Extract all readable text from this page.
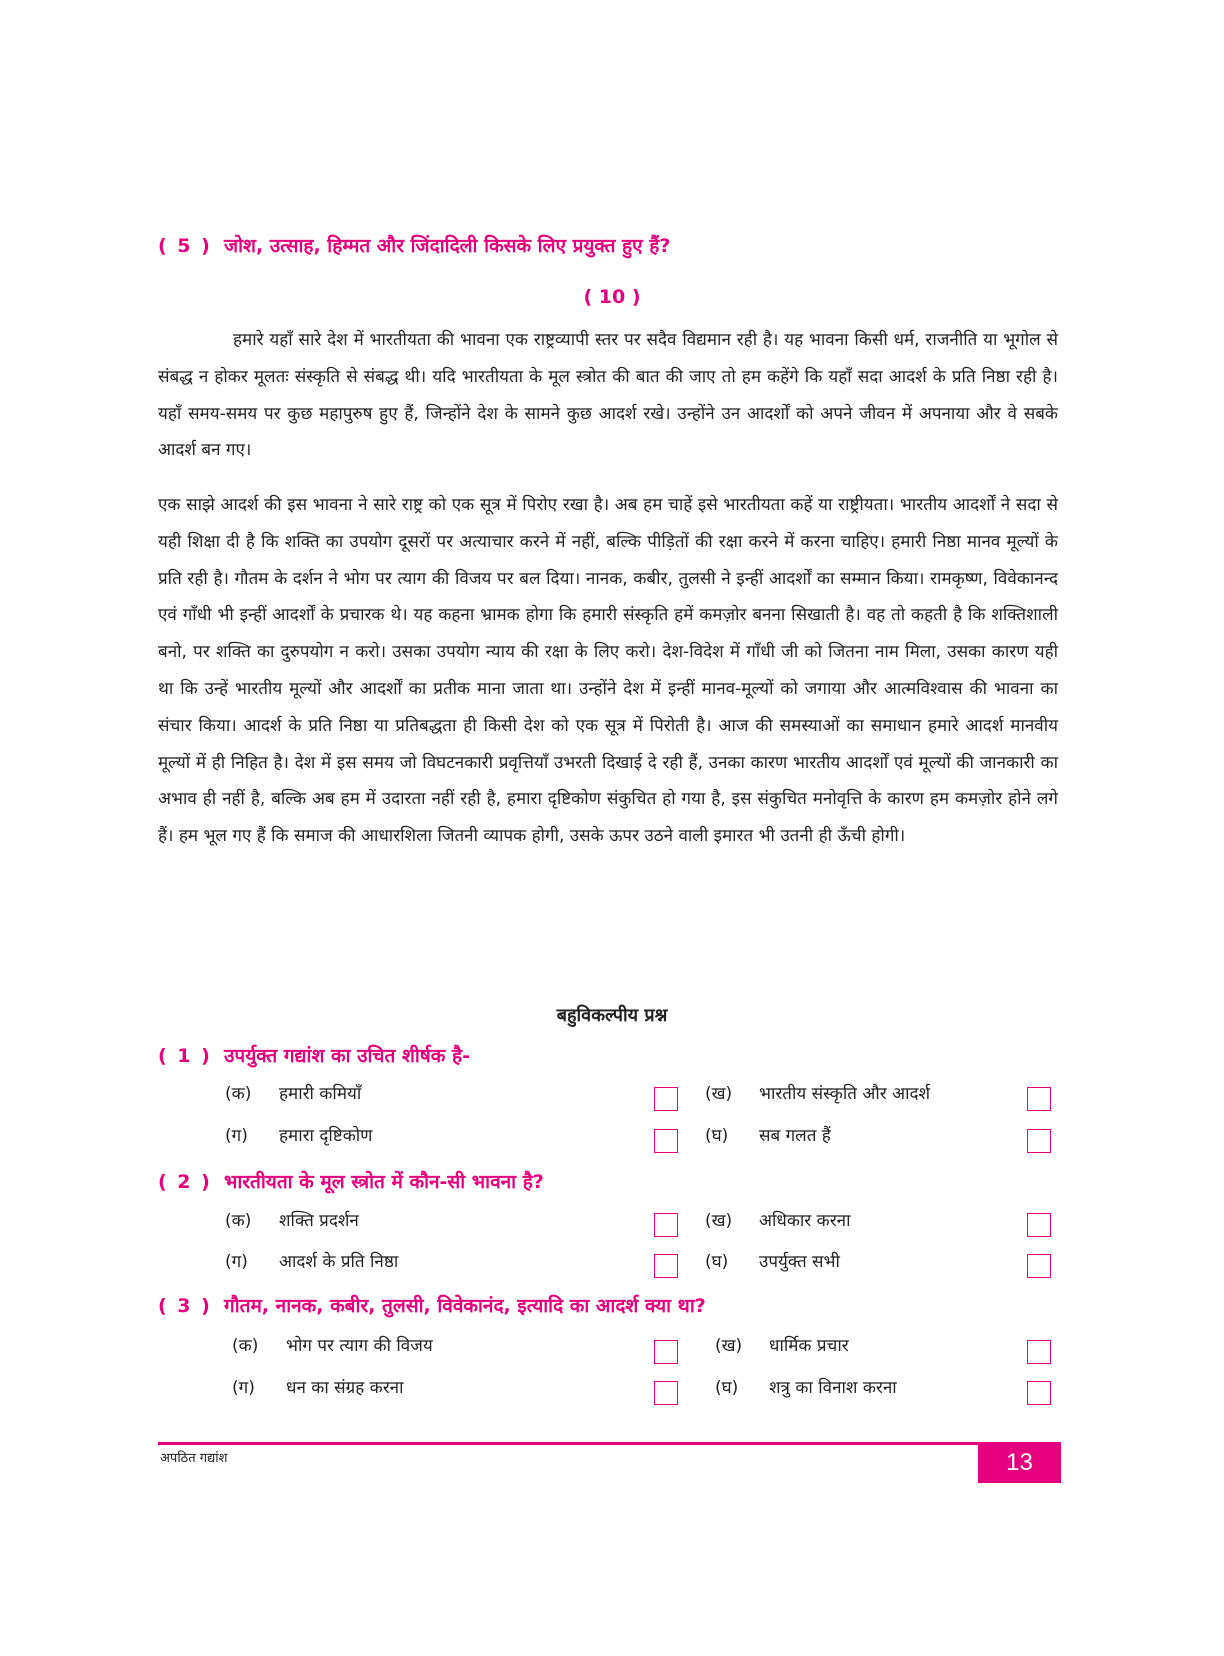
( 5 ) जोश, उत्साह, हिम्मत और जिंदादिली किसके लिए प्रयुक्त हुए हैं?
( 10 )

हमारे यहाँ सारे देश में भारतीयता की भावना एक राष्ट्रव्यापी स्तर पर सदैव विद्यमान रही है। यह भावना किसी धर्म, राजनीति या भूगोल से संबद्ध न होकर मूलतः संस्कृति से संबद्ध थी। यदि भारतीयता के मूल स्त्रोत की बात की जाए तो हम कहेंगे कि यहाँ सदा आदर्श के प्रति निष्ठा रही है। यहाँ समय-समय पर कुछ महापुरुष हुए हैं, जिन्होंने देश के सामने कुछ आदर्श रखे। उन्होंने उन आदर्शों को अपने जीवन में अपनाया और वे सबके आदर्श बन गए।

एक साझे आदर्श की इस भावना ने सारे राष्ट्र को एक सूत्र में पिरोए रखा है। अब हम चाहें इसे भारतीयता कहें या राष्ट्रीयता। भारतीय आदर्शों ने सदा से यही शिक्षा दी है कि शक्ति का उपयोग दूसरों पर अत्याचार करने में नहीं, बल्कि पीड़ितों की रक्षा करने में करना चाहिए। हमारी निष्ठा मानव मूल्यों के प्रति रही है। गौतम के दर्शन ने भोग पर त्याग की विजय पर बल दिया। नानक, कबीर, तुलसी ने इन्हीं आदर्शों का सम्मान किया। रामकृष्ण, विवेकानन्द एवं गाँधी भी इन्हीं आदर्शों के प्रचारक थे। यह कहना भ्रामक होगा कि हमारी संस्कृति हमें कमज़ोर बनना सिखाती है। वह तो कहती है कि शक्तिशाली बनो, पर शक्ति का दुरुपयोग न करो। उसका उपयोग न्याय की रक्षा के लिए करो। देश-विदेश में गाँधी जी को जितना नाम मिला, उसका कारण यही था कि उन्हें भारतीय मूल्यों और आदर्शों का प्रतीक माना जाता था। उन्होंने देश में इन्हीं मानव-मूल्यों को जगाया और आत्मविश्वास की भावना का संचार किया। आदर्श के प्रति निष्ठा या प्रतिबद्धता ही किसी देश को एक सूत्र में पिरोती है। आज की समस्याओं का समाधान हमारे आदर्श मानवीय मूल्यों में ही निहित है। देश में इस समय जो विघटनकारी प्रवृत्तियाँ उभरती दिखाई दे रही हैं, उनका कारण भारतीय आदर्शों एवं मूल्यों की जानकारी का अभाव ही नहीं है, बल्कि अब हम में उदारता नहीं रही है, हमारा दृष्टिकोण संकुचित हो गया है, इस संकुचित मनोवृत्ति के कारण हम कमज़ोर होने लगे हैं। हम भूल गए हैं कि समाज की आधारशिला जितनी व्यापक होगी, उसके ऊपर उठने वाली इमारत भी उतनी ही ऊँची होगी।

बहुविकल्पीय प्रश्न
( 1 ) उपर्युक्त गद्यांश का उचित शीर्षक है-
(क) हमारी कमियाँ	(ख) भारतीय संस्कृति और आदर्श
(ग) हमारा दृष्टिकोण	(घ) सब गलत हैं
( 2 ) भारतीयता के मूल स्त्रोत में कौन-सी भावना है?
(क) शक्ति प्रदर्शन	(ख) अधिकार करना
(ग) आदर्श के प्रति निष्ठा	(घ) उपर्युक्त सभी
( 3 ) गौतम, नानक, कबीर, तुलसी, विवेकानंद, इत्यादि का आदर्श क्या था?
(क) भोग पर त्याग की विजय	(ख) धार्मिक प्रचार
(ग) धन का संग्रह करना	(घ) शत्रु का विनाश करना
अपठित गद्यांश	13
